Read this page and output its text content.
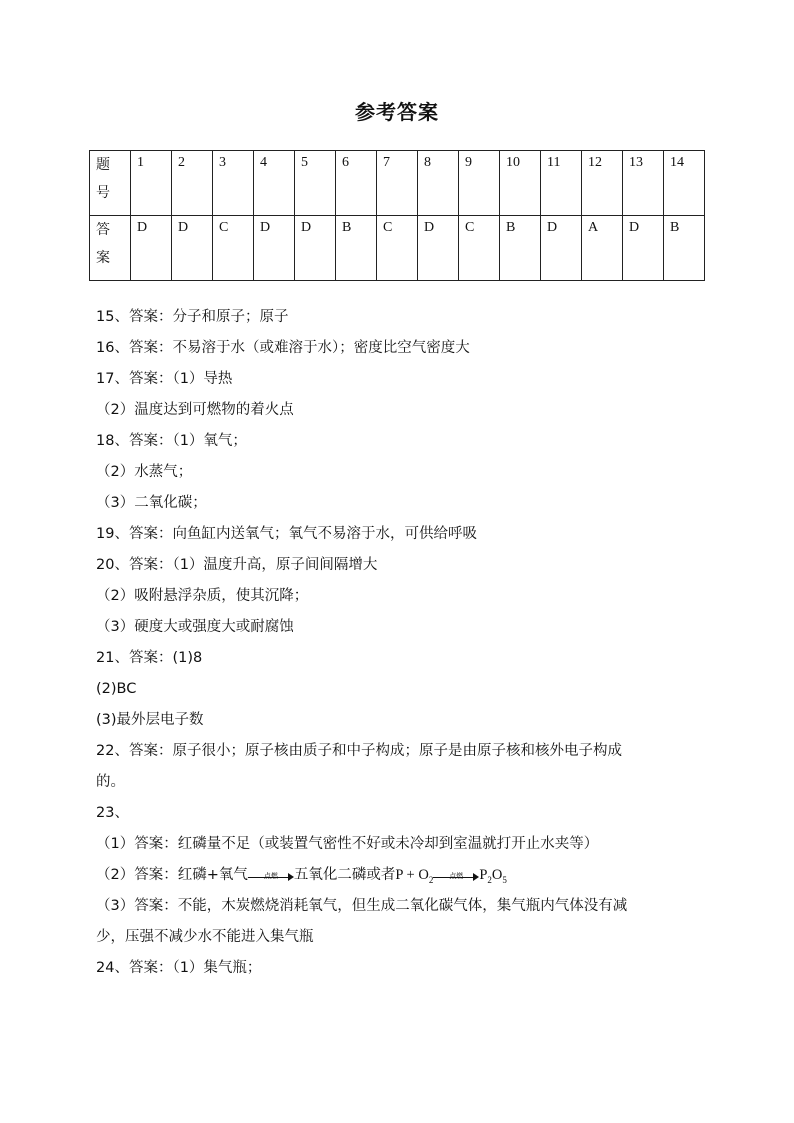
参考答案
题
号	1	2	3	4	5	6	7	8	9	10	11	12	13	14
答
案	D	D	C	D	D	B	C	D	C	B	D	A	D	B
15、答案：分子和原子；原子
16、答案：不易溶于水（或难溶于水）；密度比空气密度大
17、答案：（1）导热
（2）温度达到可燃物的着火点
18、答案：（1）氧气；
（2）水蒸气；
（3）二氧化碳；
19、答案：向鱼缸内送氧气；氧气不易溶于水，可供给呼吸
20、答案：（1）温度升高，原子间间隔增大
（2）吸附悬浮杂质，使其沉降；
（3）硬度大或强度大或耐腐蚀
21、答案：(1)8
(2)BC
(3)最外层电子数
22、答案：原子很小；原子核由质子和中子构成；原子是由原子核和核外电子构成
的。
23、
（1）答案：红磷量不足（或装置气密性不好或未冷却到室温就打开止水夹等）
（2）答案：红磷+氧气	点燃	五氧化二磷或者$P + O_2$	点燃	$P_2O_5$
（3）答案：不能，木炭燃烧消耗氧气，但生成二氧化碳气体，集气瓶内气体没有减
少，压强不减少水不能进入集气瓶
24、答案：（1）集气瓶；
